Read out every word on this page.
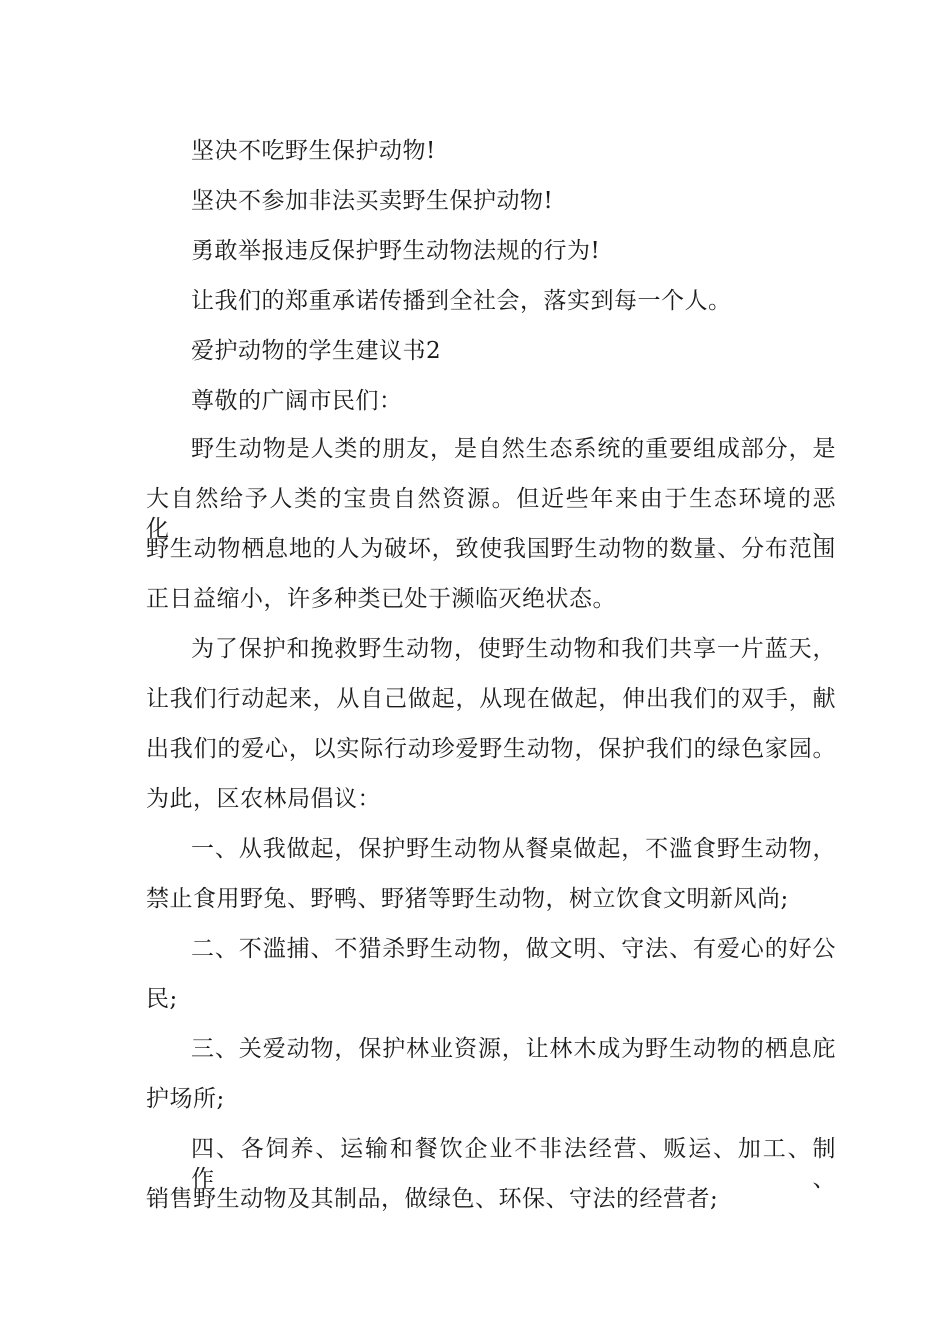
坚决不吃野生保护动物!
坚决不参加非法买卖野生保护动物!
勇敢举报违反保护野生动物法规的行为!
让我们的郑重承诺传播到全社会，落实到每一个人。
爱护动物的学生建议书2
尊敬的广阔市民们：
野生动物是人类的朋友，是自然生态系统的重要组成部分，是
大自然给予人类的宝贵自然资源。但近些年来由于生态环境的恶化、
野生动物栖息地的人为破坏，致使我国野生动物的数量、分布范围
正日益缩小，许多种类已处于濒临灭绝状态。
为了保护和挽救野生动物，使野生动物和我们共享一片蓝天，
让我们行动起来，从自己做起，从现在做起，伸出我们的双手，献
出我们的爱心，以实际行动珍爱野生动物，保护我们的绿色家园。
为此，区农林局倡议：
一、从我做起，保护野生动物从餐桌做起，不滥食野生动物，
禁止食用野兔、野鸭、野猪等野生动物，树立饮食文明新风尚;
二、不滥捕、不猎杀野生动物，做文明、守法、有爱心的好公
民;
三、关爱动物，保护林业资源，让林木成为野生动物的栖息庇
护场所;
四、各饲养、运输和餐饮企业不非法经营、贩运、加工、制作、
销售野生动物及其制品，做绿色、环保、守法的经营者;
